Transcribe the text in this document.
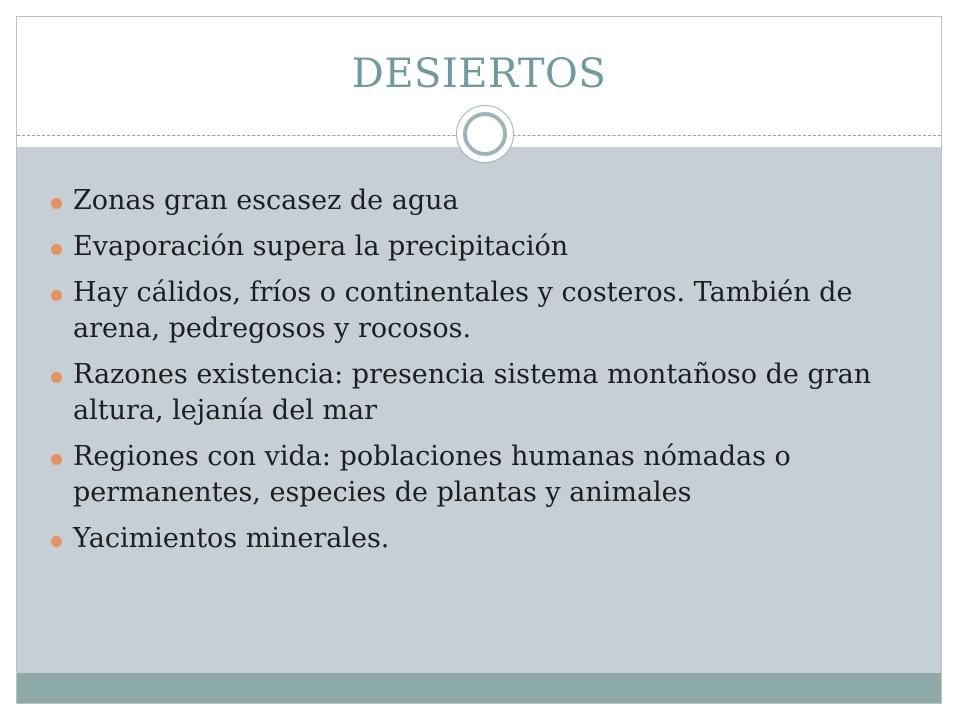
DESIERTOS
Zonas gran escasez de agua
Evaporación supera la precipitación
Hay cálidos, fríos o continentales y costeros. También de arena, pedregosos y rocosos.
Razones existencia: presencia sistema montañoso de gran altura, lejanía del mar
Regiones con vida: poblaciones humanas nómadas o permanentes, especies de plantas y animales
Yacimientos minerales.
